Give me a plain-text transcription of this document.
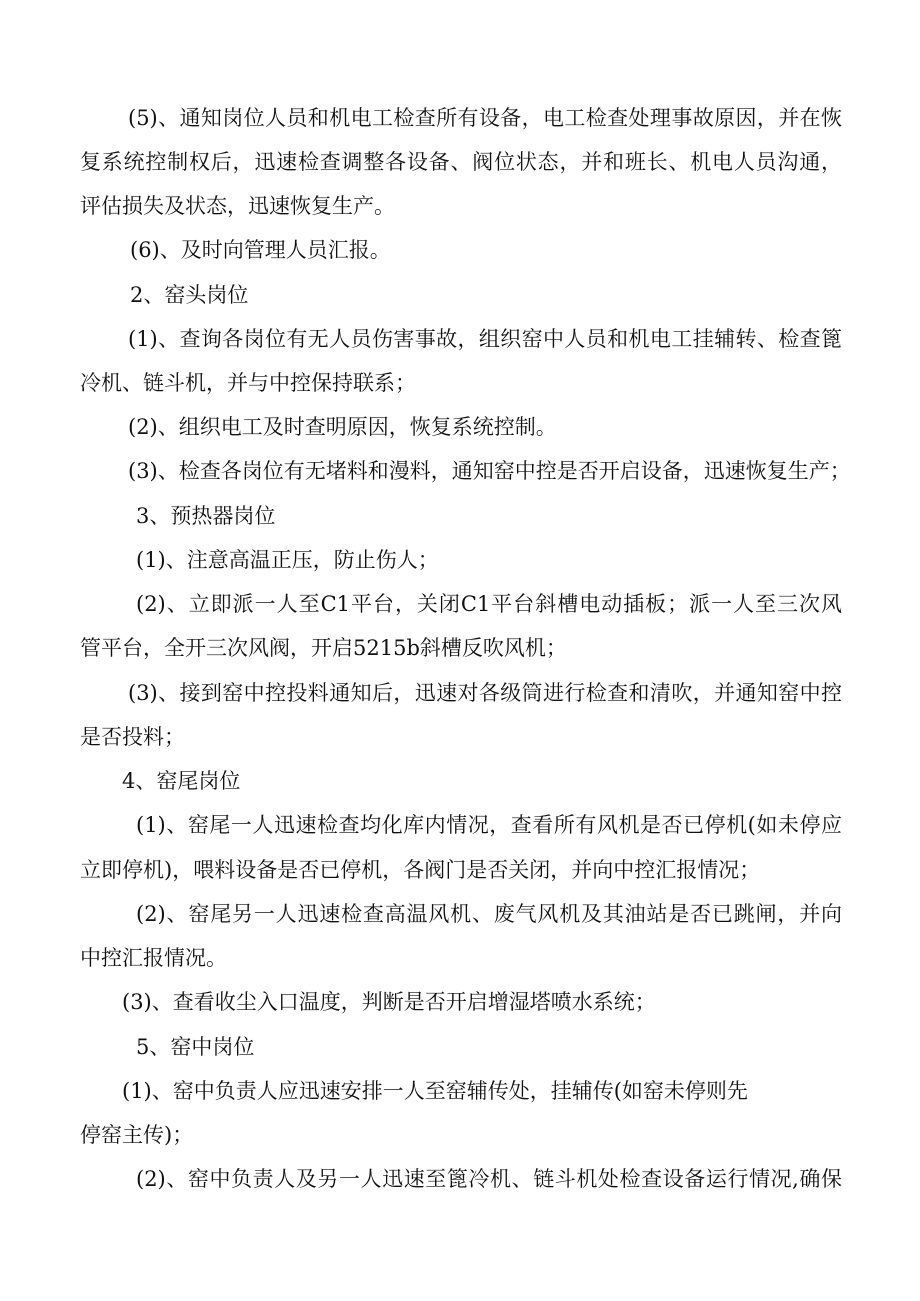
(5)、通知岗位人员和机电工检查所有设备，电工检查处理事故原因，并在恢
复系统控制权后，迅速检查调整各设备、阀位状态，并和班长、机电人员沟通，
评估损失及状态，迅速恢复生产。
(6)、及时向管理人员汇报。
2、窑头岗位
(1)、查询各岗位有无人员伤害事故，组织窑中人员和机电工挂辅转、检查篦
冷机、链斗机，并与中控保持联系；
(2)、组织电工及时查明原因，恢复系统控制。
(3)、检查各岗位有无堵料和漫料，通知窑中控是否开启设备，迅速恢复生产；
3、预热器岗位
(1)、注意高温正压，防止伤人；
(2)、立即派一人至C1平台，关闭C1平台斜槽电动插板；派一人至三次风
管平台，全开三次风阀，开启5215b斜槽反吹风机；
(3)、接到窑中控投料通知后，迅速对各级筒进行检查和清吹，并通知窑中控
是否投料；
4、窑尾岗位
(1)、窑尾一人迅速检查均化库内情况，查看所有风机是否已停机(如未停应
立即停机)，喂料设备是否已停机，各阀门是否关闭，并向中控汇报情况；
(2)、窑尾另一人迅速检查高温风机、废气风机及其油站是否已跳闸，并向
中控汇报情况。
(3)、查看收尘入口温度，判断是否开启增湿塔喷水系统；
5、窑中岗位
(1)、窑中负责人应迅速安排一人至窑辅传处，挂辅传(如窑未停则先
停窑主传)；
(2)、窑中负责人及另一人迅速至篦冷机、链斗机处检查设备运行情况,确保
